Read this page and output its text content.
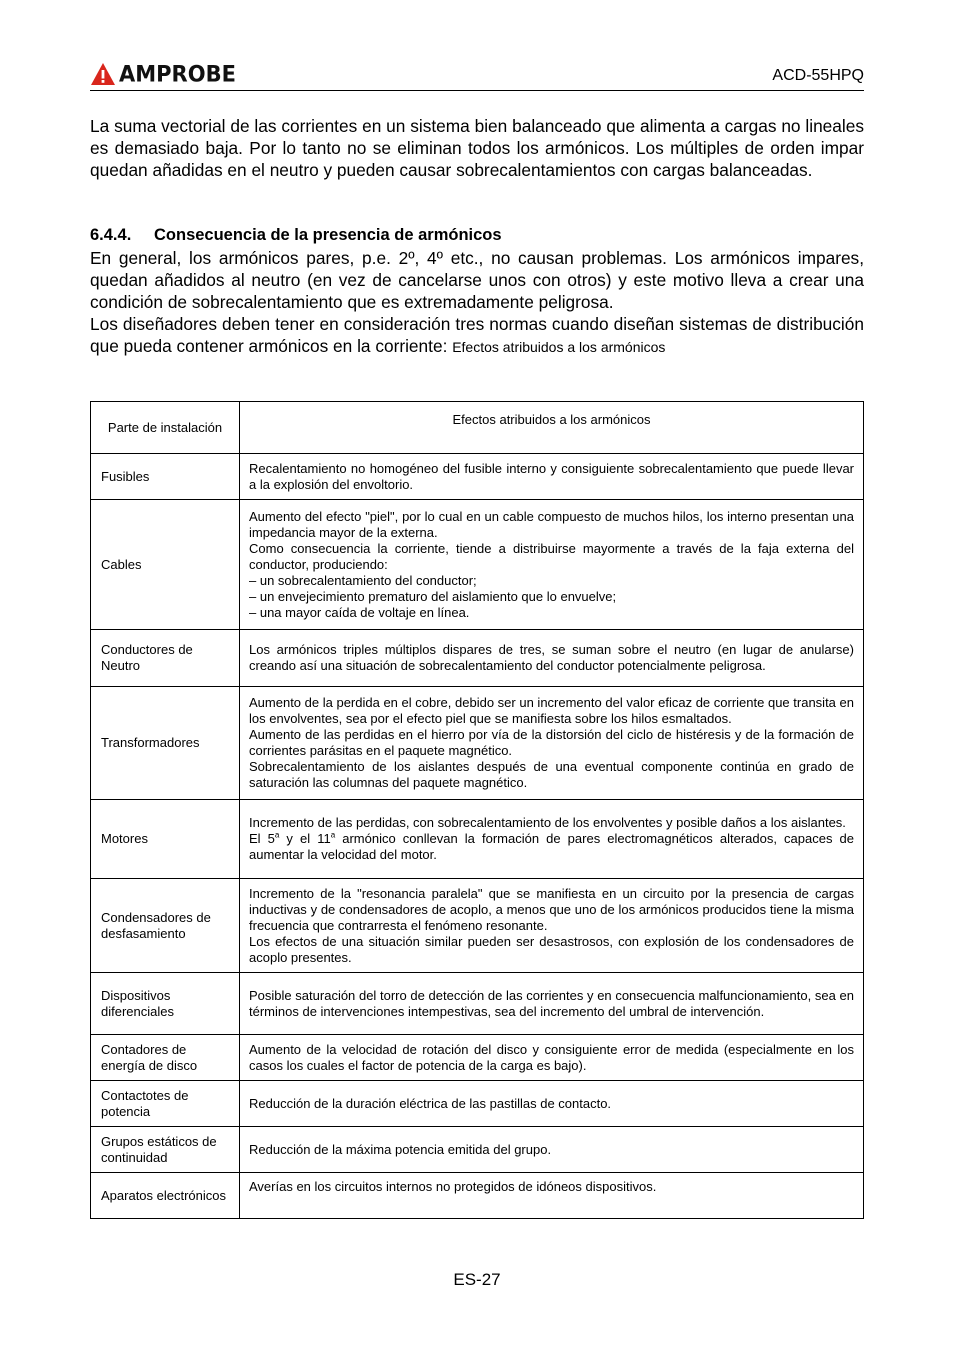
AMPROBE	ACD-55HPQ
La suma vectorial de las corrientes en un sistema bien balanceado que alimenta a cargas no lineales es demasiado baja. Por lo tanto no se eliminan todos los armónicos. Los múltiples de orden impar quedan añadidas en el neutro y pueden causar sobrecalentamientos con cargas balanceadas.
6.4.4. Consecuencia de la presencia de armónicos
En general, los armónicos pares, p.e. 2º, 4º etc., no causan problemas. Los armónicos impares, quedan añadidos al neutro (en vez de cancelarse unos con otros) y este motivo lleva a crear una condición de sobrecalentamiento que es extremadamente peligrosa.
Los diseñadores deben tener en consideración tres normas cuando diseñan sistemas de distribución que pueda contener armónicos en la corriente: Efectos atribuidos a los armónicos
Parte de instalación	Efectos atribuidos a los armónicos
Fusibles	Recalentamiento no homogéneo del fusible interno y consiguiente sobrecalentamiento que puede llevar a la explosión del envoltorio.

Cables	Aumento del efecto "piel", por lo cual en un cable compuesto de muchos hilos, los interno presentan una impedancia mayor de la externa.
Como consecuencia la corriente, tiende a distribuirse mayormente a través de la faja externa del conductor, produciendo:
– un sobrecalentamiento del conductor;
– un envejecimiento prematuro del aislamiento que lo envuelve;
– una mayor caída de voltaje en línea.

Conductores de Neutro	Los armónicos triples múltiplos dispares de tres, se suman sobre el neutro (en lugar de anularse) creando así una situación de sobrecalentamiento del conductor potencialmente peligrosa.

Transformadores	Aumento de la perdida en el cobre, debido ser un incremento del valor eficaz de corriente que transita en los envolventes, sea por el efecto piel que se manifiesta sobre los hilos esmaltados.
Aumento de las perdidas en el hierro por vía de la distorsión del ciclo de histéresis y de la formación de corrientes parásitas en el paquete magnético.
Sobrecalentamiento de los aislantes después de una eventual componente continúa en grado de saturación las columnas del paquete magnético.

Motores	Incremento de las perdidas, con sobrecalentamiento de los envolventes y posible daños a los aislantes.
El 5$^a$ y el 11$^a$ armónico conllevan la formación de pares electromagnéticos alterados, capaces de aumentar la velocidad del motor.

Condensadores de desfasamiento	Incremento de la "resonancia paralela" que se manifiesta en un circuito por la presencia de cargas inductivas y de condensadores de acoplo, a menos que uno de los armónicos producidos tiene la misma frecuencia que contrarresta el fenómeno resonante.
Los efectos de una situación similar pueden ser desastrosos, con explosión de los condensadores de acoplo presentes.

Dispositivos diferenciales	Posible saturación del torro de detección de las corrientes y en consecuencia malfuncionamiento, sea en términos de intervenciones intempestivas, sea del incremento del umbral de intervención.

Contadores de energía de disco	Aumento de la velocidad de rotación del disco y consiguiente error de medida (especialmente en los casos los cuales el factor de potencia de la carga es bajo).

Contactotes de potencia	Reducción de la duración eléctrica de las pastillas de contacto.

Grupos estáticos de continuidad	Reducción de la máxima potencia emitida del grupo.

Aparatos electrónicos	Averías en los circuitos internos no protegidos de idóneos dispositivos.
ES-27
